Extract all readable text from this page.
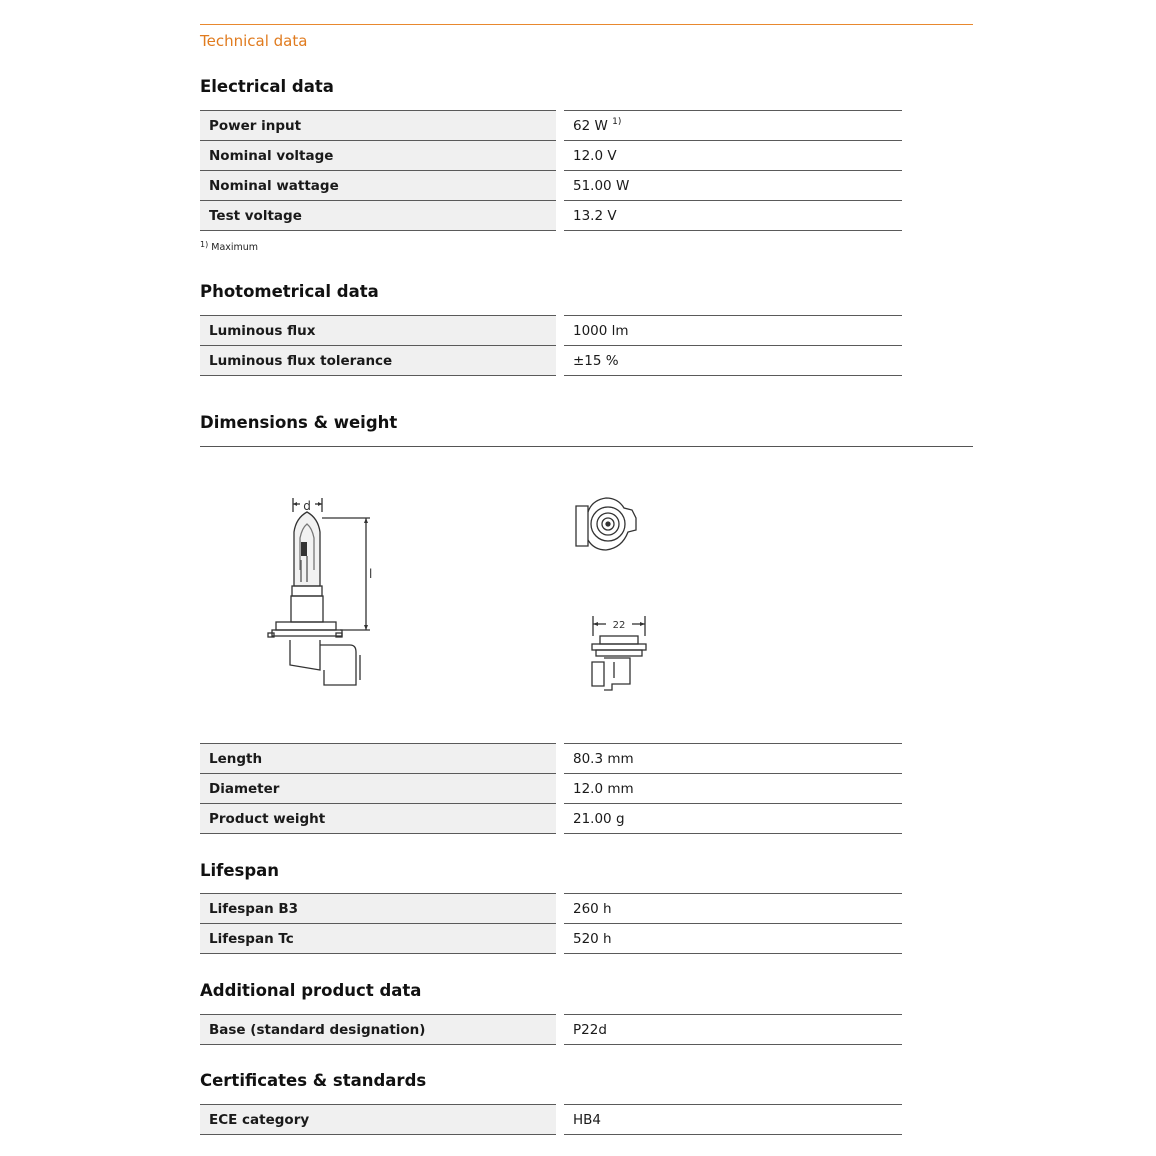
Technical data
Electrical data
Power input	62 W $^{1)}$
Nominal voltage	12.0 V
Nominal wattage	51.00 W
Test voltage	13.2 V
$^{1)}$ Maximum
Photometrical data
Luminous flux	1000 lm
Luminous flux tolerance	±15 %
Dimensions & weight
d
l
22
Length	80.3 mm
Diameter	12.0 mm
Product weight	21.00 g
Lifespan
Lifespan B3	260 h
Lifespan Tc	520 h
Additional product data
Base (standard designation)	P22d
Certificates & standards
ECE category	HB4
